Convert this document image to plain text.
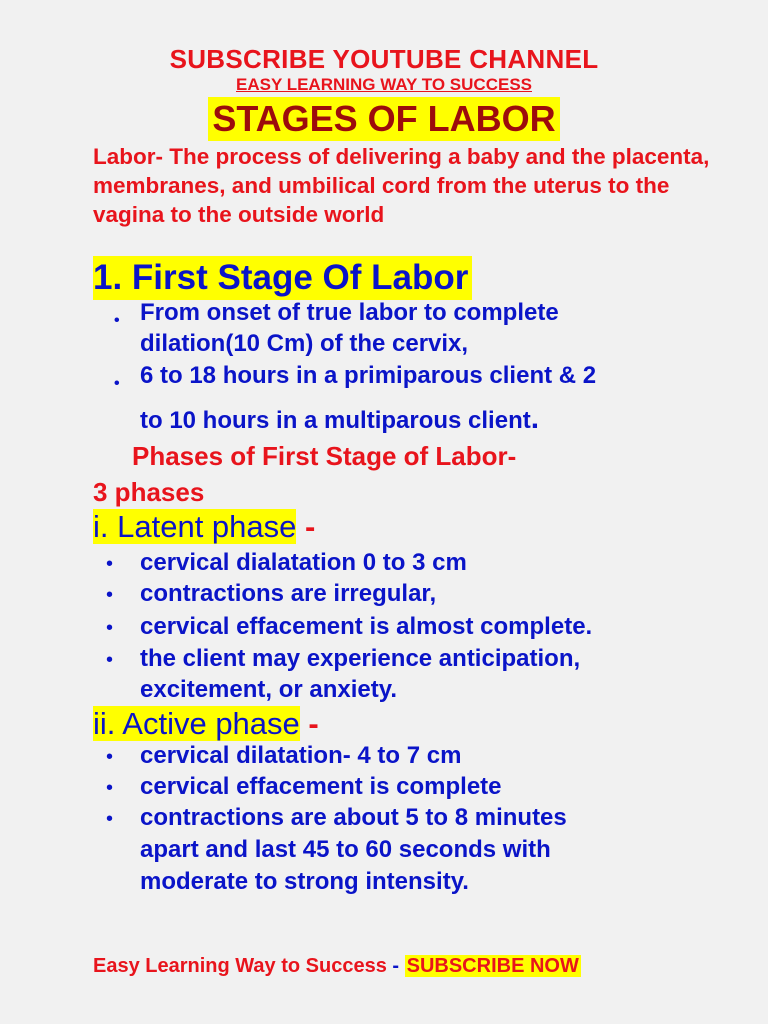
SUBSCRIBE YOUTUBE CHANNEL
EASY LEARNING WAY TO SUCCESS
STAGES OF LABOR
Labor- The process of delivering a baby and the placenta, membranes, and umbilical cord from the uterus to the vagina to the outside world
1. First Stage Of Labor
• From onset of true labor to complete
dilation(10 Cm) of the cervix,
• 6 to 18 hours in a primiparous client & 2
to 10 hours in a multiparous client.
Phases of First Stage of Labor-
3 phases
i. Latent phase -
• cervical dialatation 0 to 3 cm
• contractions are irregular,
• cervical effacement is almost complete.
• the client may experience anticipation,
excitement, or anxiety.
ii. Active phase -
• cervical dilatation- 4 to 7 cm
• cervical effacement is complete
• contractions are about 5 to 8 minutes
apart and last 45 to 60 seconds with
moderate to strong intensity.
Easy Learning Way to Success - SUBSCRIBE NOW
